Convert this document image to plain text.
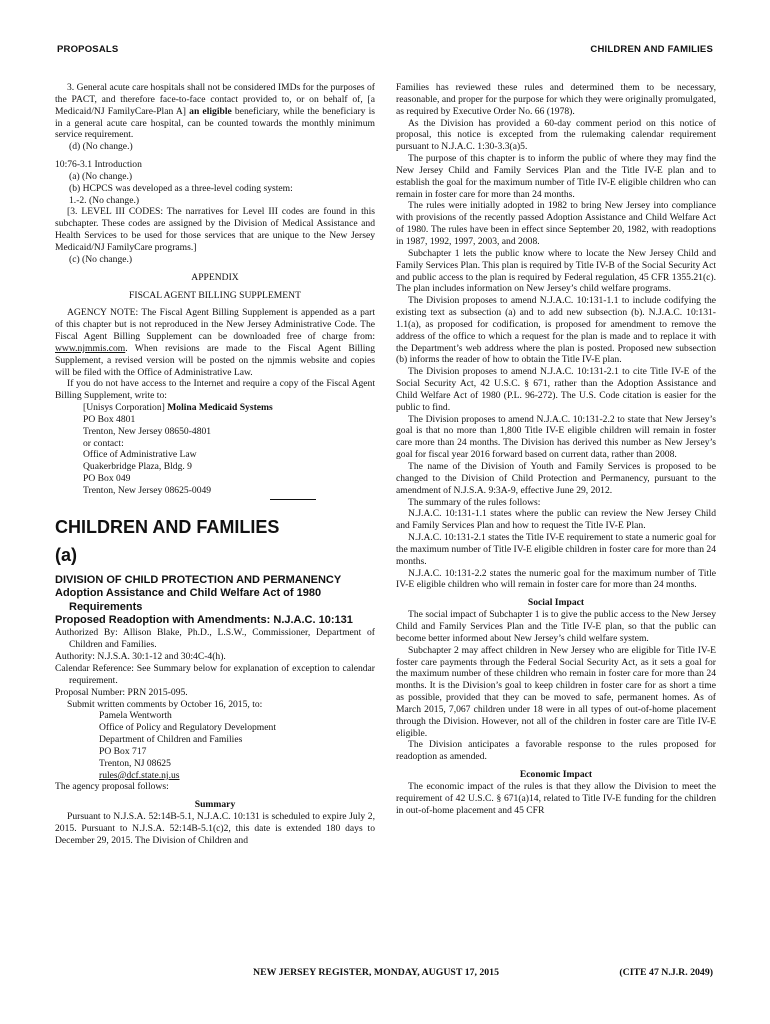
PROPOSALS	CHILDREN AND FAMILIES

3. General acute care hospitals shall not be considered IMDs for the purposes of the PACT, and therefore face-to-face contact provided to, or on behalf of, [a Medicaid/NJ FamilyCare-Plan A] an eligible beneficiary, while the beneficiary is in a general acute care hospital, can be counted towards the monthly minimum service requirement.

(d) (No change.)

10:76-3.1 Introduction

(a) (No change.)

(b) HCPCS was developed as a three-level coding system:

1.-2. (No change.)

[3. LEVEL III CODES: The narratives for Level III codes are found in this subchapter. These codes are assigned by the Division of Medical Assistance and Health Services to be used for those services that are unique to the New Jersey Medicaid/NJ FamilyCare programs.]

(c) (No change.)

APPENDIX

FISCAL AGENT BILLING SUPPLEMENT

AGENCY NOTE: The Fiscal Agent Billing Supplement is appended as a part of this chapter but is not reproduced in the New Jersey Administrative Code. The Fiscal Agent Billing Supplement can be downloaded free of charge from: www.njmmis.com. When revisions are made to the Fiscal Agent Billing Supplement, a revised version will be posted on the njmmis website and copies will be filed with the Office of Administrative Law.

If you do not have access to the Internet and require a copy of the Fiscal Agent Billing Supplement, write to:

[Unisys Corporation] Molina Medicaid Systems

PO Box 4801

Trenton, New Jersey 08650-4801

or contact:

Office of Administrative Law

Quakerbridge Plaza, Bldg. 9

PO Box 049

Trenton, New Jersey 08625-0049

CHILDREN AND FAMILIES

(a)

DIVISION OF CHILD PROTECTION AND PERMANENCY

Adoption Assistance and Child Welfare Act of 1980 Requirements

Proposed Readoption with Amendments: N.J.A.C. 10:131

Authorized By: Allison Blake, Ph.D., L.S.W., Commissioner, Department of Children and Families.

Authority: N.J.S.A. 30:1-12 and 30:4C-4(h).

Calendar Reference: See Summary below for explanation of exception to calendar requirement.

Proposal Number: PRN 2015-095.

Submit written comments by October 16, 2015, to:

Pamela Wentworth

Office of Policy and Regulatory Development

Department of Children and Families

PO Box 717

Trenton, NJ 08625

rules@dcf.state.nj.us

The agency proposal follows:

Summary

Pursuant to N.J.S.A. 52:14B-5.1, N.J.A.C. 10:131 is scheduled to expire July 2, 2015. Pursuant to N.J.S.A. 52:14B-5.1(c)2, this date is extended 180 days to December 29, 2015. The Division of Children and

Families has reviewed these rules and determined them to be necessary, reasonable, and proper for the purpose for which they were originally promulgated, as required by Executive Order No. 66 (1978).

As the Division has provided a 60-day comment period on this notice of proposal, this notice is excepted from the rulemaking calendar requirement pursuant to N.J.A.C. 1:30-3.3(a)5.

The purpose of this chapter is to inform the public of where they may find the New Jersey Child and Family Services Plan and the Title IV-E plan and to establish the goal for the maximum number of Title IV-E eligible children who can remain in foster care for more than 24 months.

The rules were initially adopted in 1982 to bring New Jersey into compliance with provisions of the recently passed Adoption Assistance and Child Welfare Act of 1980. The rules have been in effect since September 20, 1982, with readoptions in 1987, 1992, 1997, 2003, and 2008.

Subchapter 1 lets the public know where to locate the New Jersey Child and Family Services Plan. This plan is required by Title IV-B of the Social Security Act and public access to the plan is required by Federal regulation, 45 CFR 1355.21(c). The plan includes information on New Jersey’s child welfare programs.

The Division proposes to amend N.J.A.C. 10:131-1.1 to include codifying the existing text as subsection (a) and to add new subsection (b). N.J.A.C. 10:131-1.1(a), as proposed for codification, is proposed for amendment to remove the address of the office to which a request for the plan is made and to replace it with the Department’s web address where the plan is posted. Proposed new subsection (b) informs the reader of how to obtain the Title IV-E plan.

The Division proposes to amend N.J.A.C. 10:131-2.1 to cite Title IV-E of the Social Security Act, 42 U.S.C. § 671, rather than the Adoption Assistance and Child Welfare Act of 1980 (P.L. 96-272). The U.S. Code citation is easier for the public to find.

The Division proposes to amend N.J.A.C. 10:131-2.2 to state that New Jersey’s goal is that no more than 1,800 Title IV-E eligible children will remain in foster care more than 24 months. The Division has derived this number as New Jersey’s goal for fiscal year 2016 forward based on current data, rather than 2008.

The name of the Division of Youth and Family Services is proposed to be changed to the Division of Child Protection and Permanency, pursuant to the amendment of N.J.S.A. 9:3A-9, effective June 29, 2012.

The summary of the rules follows:

N.J.A.C. 10:131-1.1 states where the public can review the New Jersey Child and Family Services Plan and how to request the Title IV-E Plan.

N.J.A.C. 10:131-2.1 states the Title IV-E requirement to state a numeric goal for the maximum number of Title IV-E eligible children in foster care for more than 24 months.

N.J.A.C. 10:131-2.2 states the numeric goal for the maximum number of Title IV-E eligible children who will remain in foster care for more than 24 months.

Social Impact

The social impact of Subchapter 1 is to give the public access to the New Jersey Child and Family Services Plan and the Title IV-E plan, so that the public can become better informed about New Jersey’s child welfare system.

Subchapter 2 may affect children in New Jersey who are eligible for Title IV-E foster care payments through the Federal Social Security Act, as it sets a goal for the maximum number of these children who remain in foster care for more than 24 months. It is the Division’s goal to keep children in foster care for as short a time as possible, provided that they can be moved to safe, permanent homes. As of March 2015, 7,067 children under 18 were in all types of out-of-home placement through the Division. However, not all of the children in foster care are Title IV-E eligible.

The Division anticipates a favorable response to the rules proposed for readoption as amended.

Economic Impact

The economic impact of the rules is that they allow the Division to meet the requirement of 42 U.S.C. § 671(a)14, related to Title IV-E funding for the children in out-of-home placement and 45 CFR

NEW JERSEY REGISTER, MONDAY, AUGUST 17, 2015	(CITE 47 N.J.R. 2049)
